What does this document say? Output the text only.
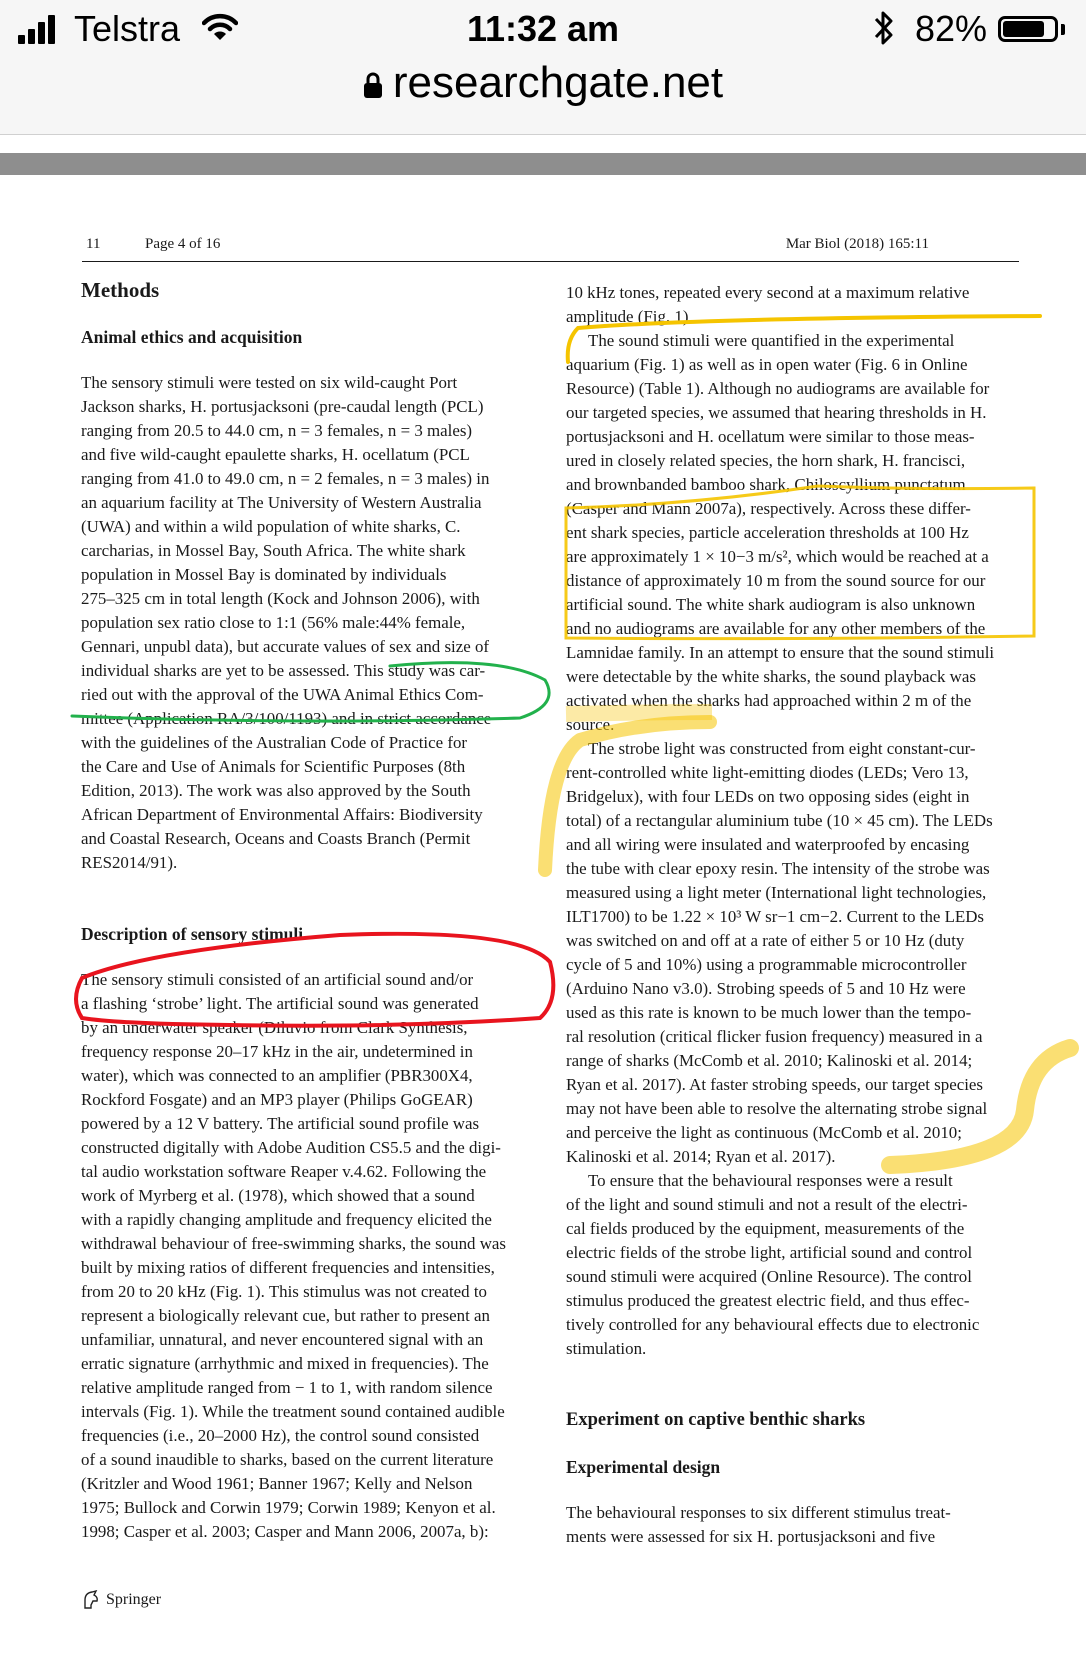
Telstra	11:32 am	82%
researchgate.net
11	Page 4 of 16	Mar Biol (2018) 165:11
Methods
Animal ethics and acquisition

The sensory stimuli were tested on six wild-caught Port
Jackson sharks, H. portusjacksoni (pre-caudal length (PCL)
ranging from 20.5 to 44.0 cm, n = 3 females, n = 3 males)
and five wild-caught epaulette sharks, H. ocellatum (PCL
ranging from 41.0 to 49.0 cm, n = 2 females, n = 3 males) in
an aquarium facility at The University of Western Australia
(UWA) and within a wild population of white sharks, C.
carcharias, in Mossel Bay, South Africa. The white shark
population in Mossel Bay is dominated by individuals
275–325 cm in total length (Kock and Johnson 2006), with
population sex ratio close to 1:1 (56% male:44% female,
Gennari, unpubl data), but accurate values of sex and size of
individual sharks are yet to be assessed. This study was car-
ried out with the approval of the UWA Animal Ethics Com-
mittee (Application RA/3/100/1193) and in strict accordance
with the guidelines of the Australian Code of Practice for
the Care and Use of Animals for Scientific Purposes (8th
Edition, 2013). The work was also approved by the South
African Department of Environmental Affairs: Biodiversity
and Coastal Research, Oceans and Coasts Branch (Permit
RES2014/91).

Description of sensory stimuli

The sensory stimuli consisted of an artificial sound and/or
a flashing ‘strobe’ light. The artificial sound was generated
by an underwater speaker (Diluvio from Clark Synthesis,
frequency response 20–17 kHz in the air, undetermined in
water), which was connected to an amplifier (PBR300X4,
Rockford Fosgate) and an MP3 player (Philips GoGEAR)
powered by a 12 V battery. The artificial sound profile was
constructed digitally with Adobe Audition CS5.5 and the digi-
tal audio workstation software Reaper v.4.62. Following the
work of Myrberg et al. (1978), which showed that a sound
with a rapidly changing amplitude and frequency elicited the
withdrawal behaviour of free-swimming sharks, the sound was
built by mixing ratios of different frequencies and intensities,
from 20 to 20 kHz (Fig. 1). This stimulus was not created to
represent a biologically relevant cue, but rather to present an
unfamiliar, unnatural, and never encountered signal with an
erratic signature (arrhythmic and mixed in frequencies). The
relative amplitude ranged from − 1 to 1, with random silence
intervals (Fig. 1). While the treatment sound contained audible
frequencies (i.e., 20–2000 Hz), the control sound consisted
of a sound inaudible to sharks, based on the current literature
(Kritzler and Wood 1961; Banner 1967; Kelly and Nelson
1975; Bullock and Corwin 1979; Corwin 1989; Kenyon et al.
1998; Casper et al. 2003; Casper and Mann 2006, 2007a, b):

10 kHz tones, repeated every second at a maximum relative
amplitude (Fig. 1).

The sound stimuli were quantified in the experimental
aquarium (Fig. 1) as well as in open water (Fig. 6 in Online
Resource) (Table 1). Although no audiograms are available for
our targeted species, we assumed that hearing thresholds in H.
portusjacksoni and H. ocellatum were similar to those meas-
ured in closely related species, the horn shark, H. francisci,
and brownbanded bamboo shark, Chiloscyllium punctatum
(Casper and Mann 2007a), respectively. Across these differ-
ent shark species, particle acceleration thresholds at 100 Hz
are approximately 1 × 10−3 m/s², which would be reached at a
distance of approximately 10 m from the sound source for our
artificial sound. The white shark audiogram is also unknown
and no audiograms are available for any other members of the
Lamnidae family. In an attempt to ensure that the sound stimuli
were detectable by the white sharks, the sound playback was
activated when the sharks had approached within 2 m of the
source.

The strobe light was constructed from eight constant-cur-
rent-controlled white light-emitting diodes (LEDs; Vero 13,
Bridgelux), with four LEDs on two opposing sides (eight in
total) of a rectangular aluminium tube (10 × 45 cm). The LEDs
and all wiring were insulated and waterproofed by encasing
the tube with clear epoxy resin. The intensity of the strobe was
measured using a light meter (International light technologies,
ILT1700) to be 1.22 × 10³ W sr−1 cm−2. Current to the LEDs
was switched on and off at a rate of either 5 or 10 Hz (duty
cycle of 5 and 10%) using a programmable microcontroller
(Arduino Nano v3.0). Strobing speeds of 5 and 10 Hz were
used as this rate is known to be much lower than the tempo-
ral resolution (critical flicker fusion frequency) measured in a
range of sharks (McComb et al. 2010; Kalinoski et al. 2014;
Ryan et al. 2017). At faster strobing speeds, our target species
may not have been able to resolve the alternating strobe signal
and perceive the light as continuous (McComb et al. 2010;
Kalinoski et al. 2014; Ryan et al. 2017).

To ensure that the behavioural responses were a result
of the light and sound stimuli and not a result of the electri-
cal fields produced by the equipment, measurements of the
electric fields of the strobe light, artificial sound and control
sound stimuli were acquired (Online Resource). The control
stimulus produced the greatest electric field, and thus effec-
tively controlled for any behavioural effects due to electronic
stimulation.

Experiment on captive benthic sharks
Experimental design

The behavioural responses to six different stimulus treat-
ments were assessed for six H. portusjacksoni and five

Springer
